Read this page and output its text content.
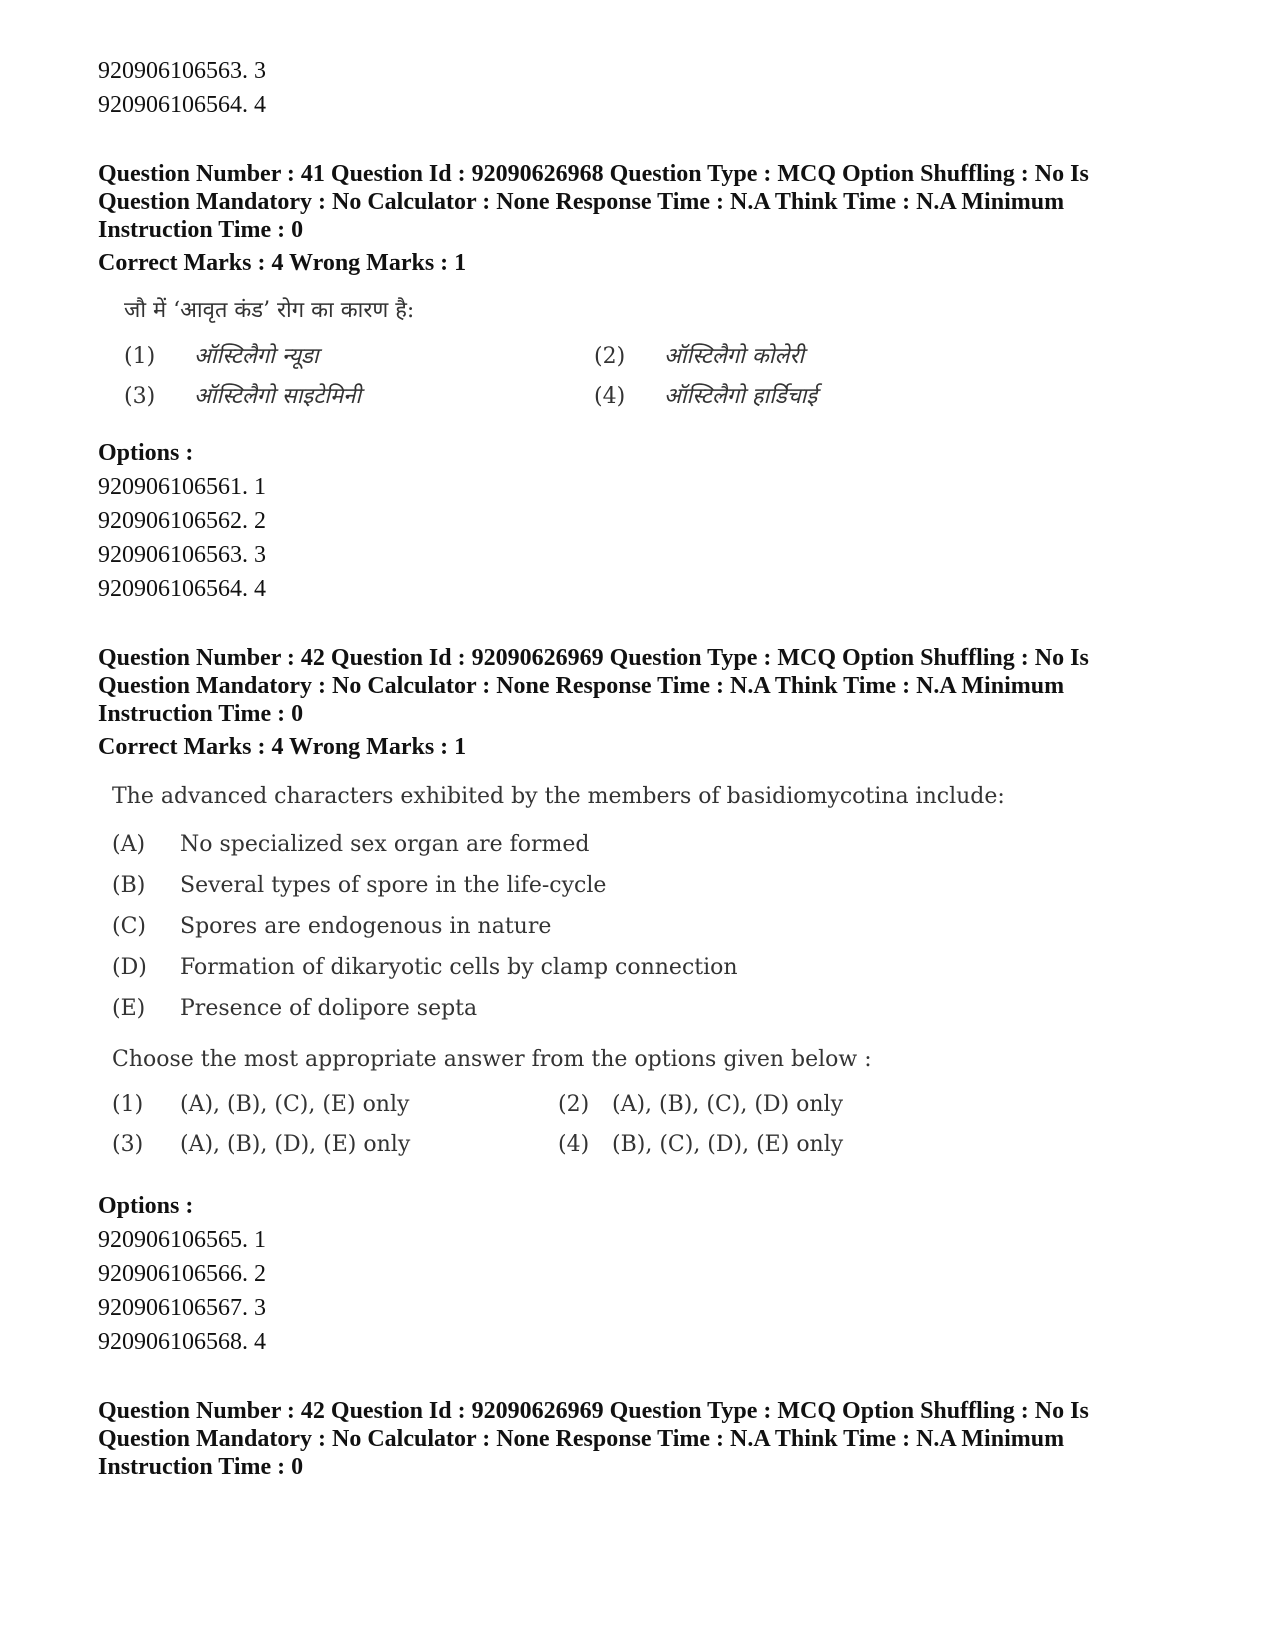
920906106563. 3
920906106564. 4
Question Number : 41 Question Id : 92090626968 Question Type : MCQ Option Shuffling : No Is
Question Mandatory : No Calculator : None Response Time : N.A Think Time : N.A Minimum
Instruction Time : 0
Correct Marks : 4 Wrong Marks : 1
जौ में ‘आवृत कंड’ रोग का कारण है:
(1)	ऑस्टिलैगो न्यूडा	(2)	ऑस्टिलैगो कोलेरी
(3)	ऑस्टिलैगो साइटेमिनी	(4)	ऑस्टिलैगो हार्डिचाई
Options :
920906106561. 1
920906106562. 2
920906106563. 3
920906106564. 4
Question Number : 42 Question Id : 92090626969 Question Type : MCQ Option Shuffling : No Is
Question Mandatory : No Calculator : None Response Time : N.A Think Time : N.A Minimum
Instruction Time : 0
Correct Marks : 4 Wrong Marks : 1
The advanced characters exhibited by the members of basidiomycotina include:
(A)	No specialized sex organ are formed
(B)	Several types of spore in the life-cycle
(C)	Spores are endogenous in nature
(D)	Formation of dikaryotic cells by clamp connection
(E)	Presence of dolipore septa
Choose the most appropriate answer from the options given below :
(1)	(A), (B), (C), (E) only	(2)	(A), (B), (C), (D) only
(3)	(A), (B), (D), (E) only	(4)	(B), (C), (D), (E) only
Options :
920906106565. 1
920906106566. 2
920906106567. 3
920906106568. 4
Question Number : 42 Question Id : 92090626969 Question Type : MCQ Option Shuffling : No Is
Question Mandatory : No Calculator : None Response Time : N.A Think Time : N.A Minimum
Instruction Time : 0
